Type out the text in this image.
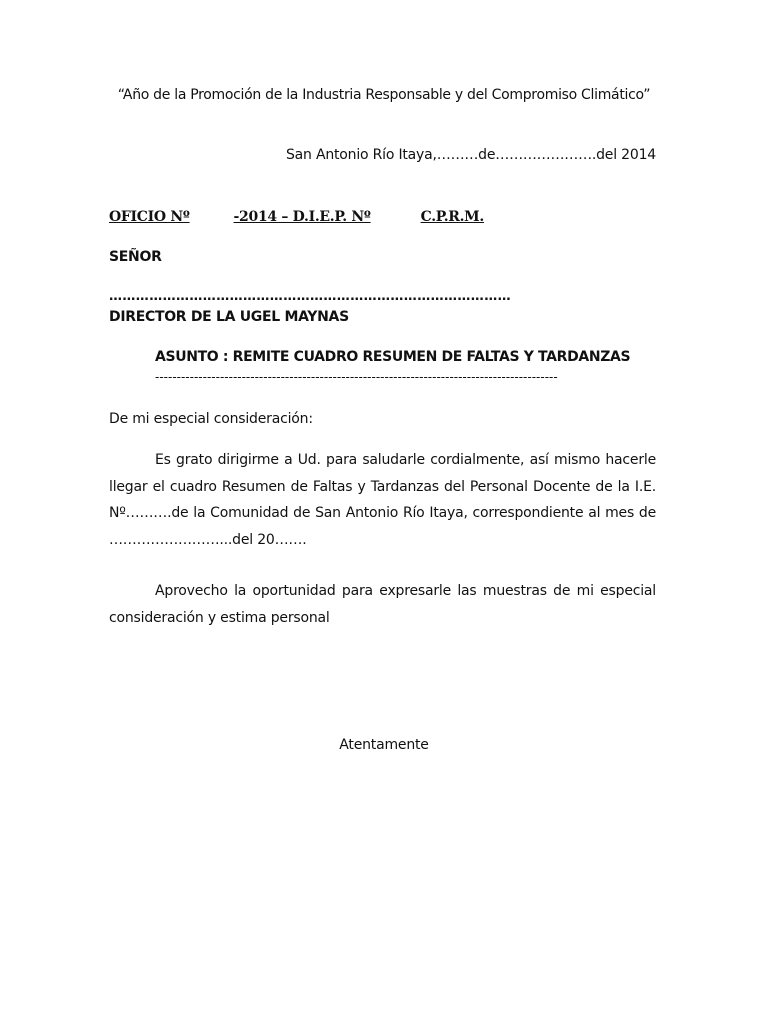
“Año de la Promoción de la Industria Responsable y del Compromiso Climático”
San Antonio Río Itaya,………de………………….del 2014
OFICIO Nº	-2014 – D.I.E.P. Nº	C.P.R.M.
SEÑOR
………………………………………………………………………………
DIRECTOR DE LA UGEL MAYNAS
ASUNTO : REMITE CUADRO RESUMEN DE FALTAS Y TARDANZAS
---------------------------------------------------------------------------------------------
De mi especial consideración:
Es grato dirigirme a Ud. para saludarle cordialmente, así mismo hacerle llegar el cuadro Resumen de Faltas y Tardanzas del Personal Docente de la I.E. Nº……….de la Comunidad de San Antonio Río Itaya, correspondiente al mes de ……………………...del 20…….
Aprovecho la oportunidad para expresarle las muestras de mi especial consideración y estima personal
Atentamente
